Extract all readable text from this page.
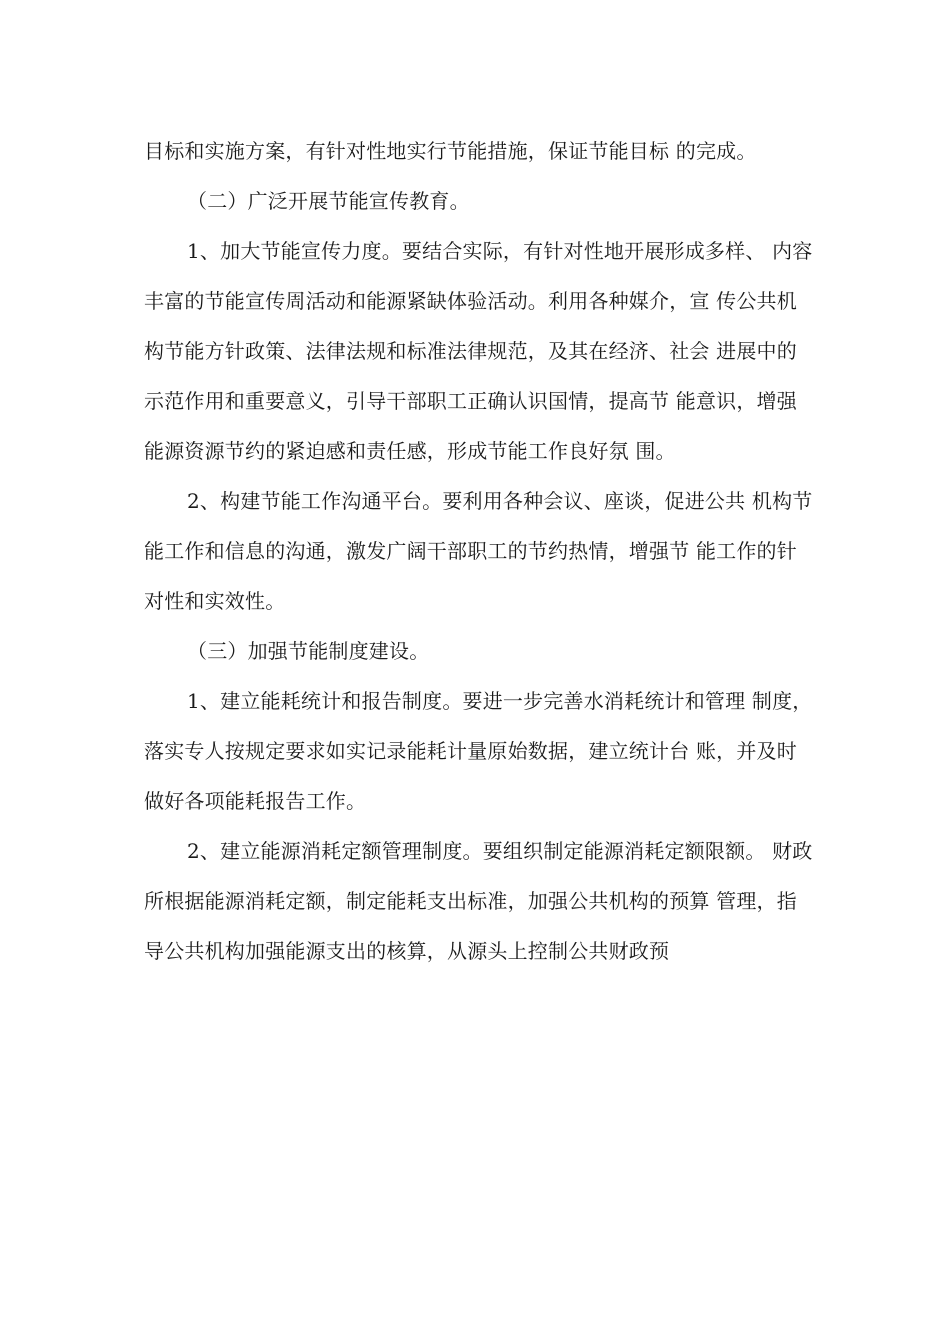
目标和实施方案，有针对性地实行节能措施，保证节能目标 的完成。
（二）广泛开展节能宣传教育。
1、加大节能宣传力度。要结合实际，有针对性地开展形成多样、 内容
丰富的节能宣传周活动和能源紧缺体验活动。利用各种媒介，宣 传公共机
构节能方针政策、法律法规和标准法律规范，及其在经济、社会 进展中的
示范作用和重要意义，引导干部职工正确认识国情，提高节 能意识，增强
能源资源节约的紧迫感和责任感，形成节能工作良好氛 围。
2、构建节能工作沟通平台。要利用各种会议、座谈，促进公共 机构节
能工作和信息的沟通，激发广阔干部职工的节约热情，增强节 能工作的针
对性和实效性。
（三）加强节能制度建设。
1、建立能耗统计和报告制度。要进一步完善水消耗统计和管理 制度，
落实专人按规定要求如实记录能耗计量原始数据，建立统计台 账，并及时
做好各项能耗报告工作。
2、建立能源消耗定额管理制度。要组织制定能源消耗定额限额。 财政
所根据能源消耗定额，制定能耗支出标准，加强公共机构的预算 管理，指
导公共机构加强能源支出的核算，从源头上控制公共财政预
